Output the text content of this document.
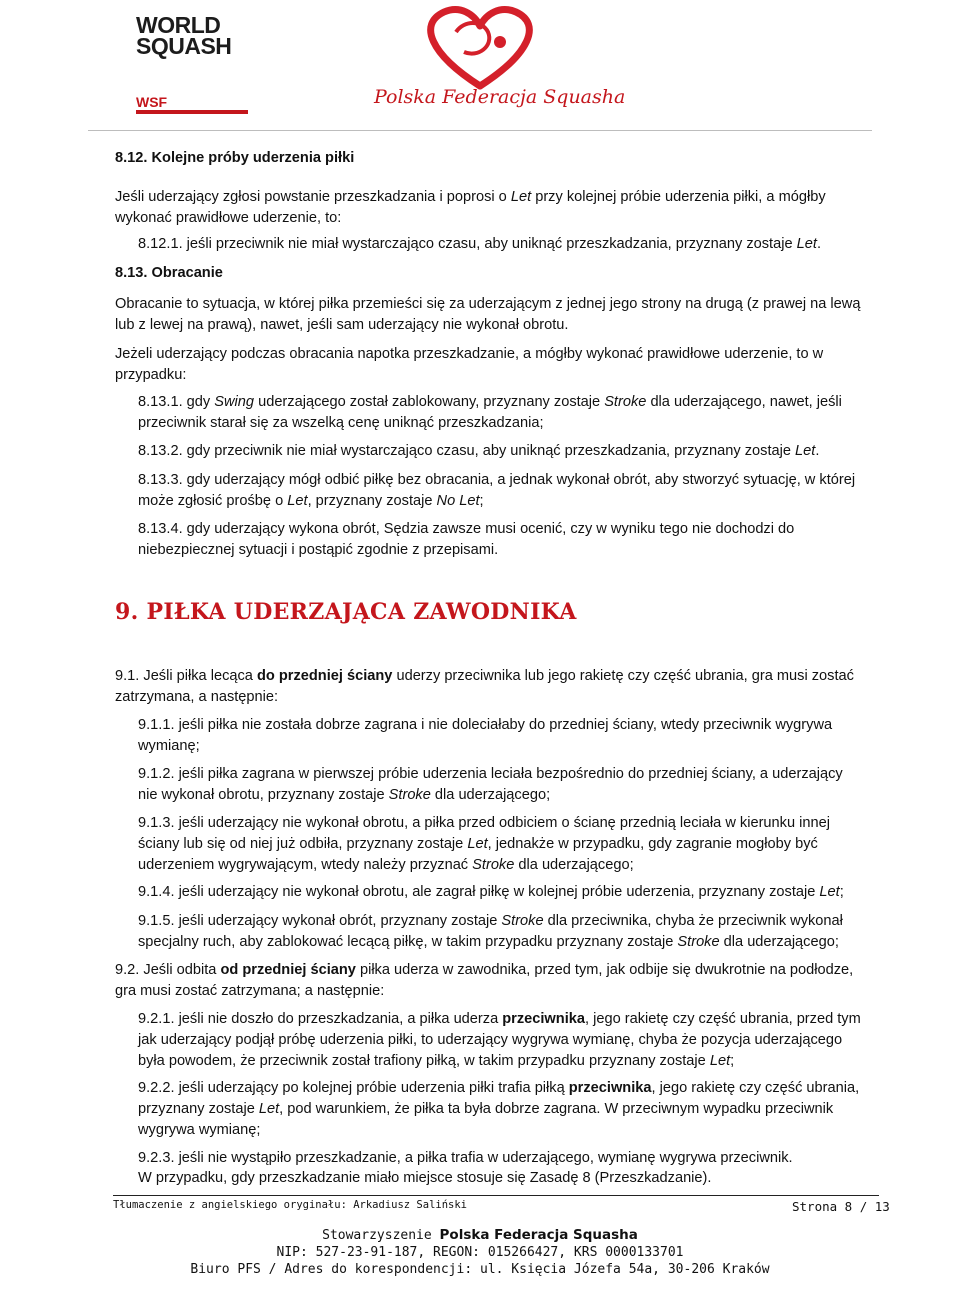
WORLD
SQUASH
WSF	Polska Federacja Squasha

8.12. Kolejne próby uderzenia piłki

Jeśli uderzający zgłosi powstanie przeszkadzania i poprosi o Let przy kolejnej próbie uderzenia piłki, a mógłby wykonać prawidłowe uderzenie, to:

8.12.1. jeśli przeciwnik nie miał wystarczająco czasu, aby uniknąć przeszkadzania, przyznany zostaje Let.

8.13. Obracanie

Obracanie to sytuacja, w której piłka przemieści się za uderzającym z jednej jego strony na drugą (z prawej na lewą lub z lewej na prawą), nawet, jeśli sam uderzający nie wykonał obrotu.

Jeżeli uderzający podczas obracania napotka przeszkadzanie, a mógłby wykonać prawidłowe uderzenie, to w przypadku:

8.13.1. gdy Swing uderzającego został zablokowany, przyznany zostaje Stroke dla uderzającego, nawet, jeśli przeciwnik starał się za wszelką cenę uniknąć przeszkadzania;

8.13.2. gdy przeciwnik nie miał wystarczająco czasu, aby uniknąć przeszkadzania, przyznany zostaje Let.

8.13.3. gdy uderzający mógł odbić piłkę bez obracania, a jednak wykonał obrót, aby stworzyć sytuację, w której może zgłosić prośbę o Let, przyznany zostaje No Let;

8.13.4. gdy uderzający wykona obrót, Sędzia zawsze musi ocenić, czy w wyniku tego nie dochodzi do niebezpiecznej sytuacji i postąpić zgodnie z przepisami.

9. PIŁKA UDERZAJĄCA ZAWODNIKA

9.1. Jeśli piłka lecąca do przedniej ściany uderzy przeciwnika lub jego rakietę czy część ubrania, gra musi zostać zatrzymana, a następnie:

9.1.1. jeśli piłka nie została dobrze zagrana i nie doleciałaby do przedniej ściany, wtedy przeciwnik wygrywa wymianę;

9.1.2. jeśli piłka zagrana w pierwszej próbie uderzenia leciała bezpośrednio do przedniej ściany, a uderzający nie wykonał obrotu, przyznany zostaje Stroke dla uderzającego;

9.1.3. jeśli uderzający nie wykonał obrotu, a piłka przed odbiciem o ścianę przednią leciała w kierunku innej ściany lub się od niej już odbiła, przyznany zostaje Let, jednakże w przypadku, gdy zagranie mogłoby być uderzeniem wygrywającym, wtedy należy przyznać Stroke dla uderzającego;

9.1.4. jeśli uderzający nie wykonał obrotu, ale zagrał piłkę w kolejnej próbie uderzenia, przyznany zostaje Let;

9.1.5. jeśli uderzający wykonał obrót, przyznany zostaje Stroke dla przeciwnika, chyba że przeciwnik wykonał specjalny ruch, aby zablokować lecącą piłkę, w takim przypadku przyznany zostaje Stroke dla uderzającego;

9.2. Jeśli odbita od przedniej ściany piłka uderza w zawodnika, przed tym, jak odbije się dwukrotnie na podłodze, gra musi zostać zatrzymana; a następnie:

9.2.1. jeśli nie doszło do przeszkadzania, a piłka uderza przeciwnika, jego rakietę czy część ubrania, przed tym jak uderzający podjął próbę uderzenia piłki, to uderzający wygrywa wymianę, chyba że pozycja uderzającego była powodem, że przeciwnik został trafiony piłką, w takim przypadku przyznany zostaje Let;

9.2.2. jeśli uderzający po kolejnej próbie uderzenia piłki trafia piłką przeciwnika, jego rakietę czy część ubrania, przyznany zostaje Let, pod warunkiem, że piłka ta była dobrze zagrana. W przeciwnym wypadku przeciwnik wygrywa wymianę;

9.2.3. jeśli nie wystąpiło przeszkadzanie, a piłka trafia w uderzającego, wymianę wygrywa przeciwnik.

W przypadku, gdy przeszkadzanie miało miejsce stosuje się Zasadę 8 (Przeszkadzanie).

Tłumaczenie z angielskiego oryginału: Arkadiusz Saliński	Strona 8 / 13
Stowarzyszenie Polska Federacja Squasha
NIP: 527-23-91-187, REGON: 015266427, KRS 0000133701
Biuro PFS / Adres do korespondencji: ul. Księcia Józefa 54a, 30-206 Kraków
